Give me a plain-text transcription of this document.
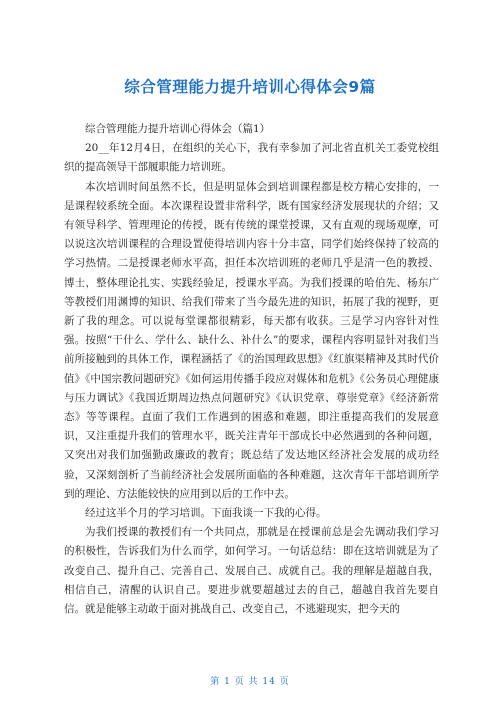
综合管理能力提升培训心得体会9篇

综合管理能力提升培训心得体会（篇1）

20__年12月4日，在组织的关心下，我有幸参加了河北省直机关工委党校组织的提高领导干部履职能力培训班。

本次培训时间虽然不长，但是明显体会到培训课程都是校方精心安排的，一是课程较系统全面。本次课程设置非常科学，既有国家经济发展现状的介绍；又有领导科学、管理理论的传授，既有传统的课堂授课，又有直观的现场观摩，可以说这次培训课程的合理设置使得培训内容十分丰富，同学们始终保持了较高的学习热情。二是授课老师水平高，担任本次培训班的老师几乎是清一色的教授、博士，整体理论扎实、实践经验足，授课水平高。为我们授课的哈伯先、杨东广等教授们用渊博的知识、给我们带来了当今最先进的知识，拓展了我的视野，更新了我的理念。可以说每堂课都很精彩，每天都有收获。三是学习内容针对性强。按照“干什么、学什么、缺什么、补什么”的要求，课程内容明显针对我们当前所接触到的具体工作，课程涵括了《的治国理政思想》《红旗渠精神及其时代价值》《中国宗教问题研究》《如何运用传播手段应对媒体和危机》《公务员心理健康与压力调试》《我国近期周边热点问题研究》《认识党章、尊崇党章》《经济新常态》等等课程。直面了我们工作遇到的困惑和难题，即注重提高我们的发展意识，又注重提升我们的管理水平，既关注青年干部成长中必然遇到的各种问题，又突出对我们加强勤政廉政的教育；既总结了发达地区经济社会发展的成功经验，又深刻剖析了当前经济社会发展所面临的各种难题，这次青年干部培训所学到的理论、方法能较快的应用到以后的工作中去。

经过这半个月的学习培训。下面我谈一下我的心得。

为我们授课的教授们有一个共同点，那就是在授课前总是会先调动我们学习的积极性，告诉我们为什么而学，如何学习。一句话总结：即在这培训就是为了改变自己、提升自己、完善自己、发展自己、成就自己。我的理解是超越自我，相信自己，清醒的认识自己。要进步就要超越过去的自己，超越自我首先要自信。就是能够主动敢于面对挑战自己、改变自己，不逃避现实，把今天的

第 1 页 共 14 页
